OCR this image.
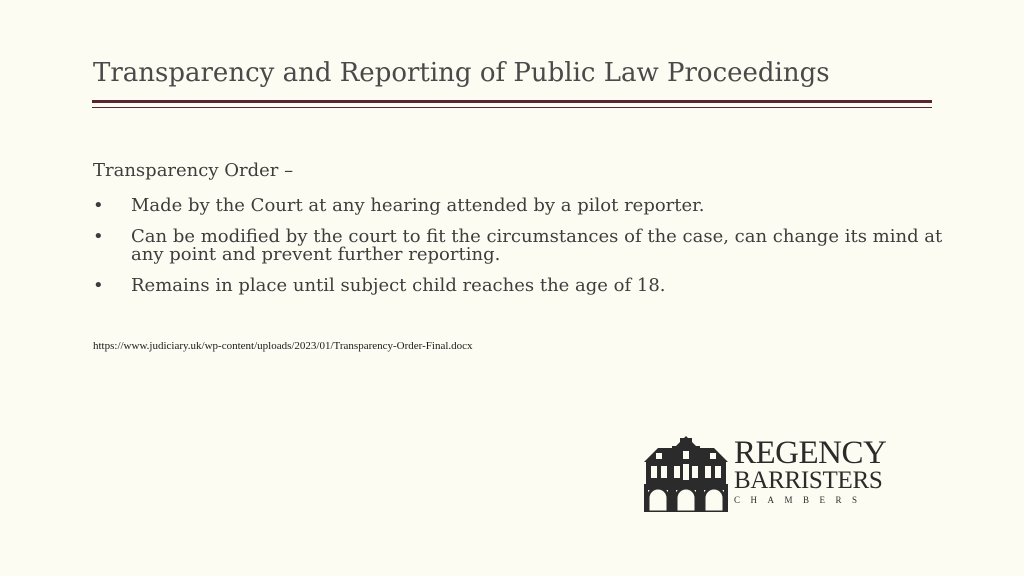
Transparency and Reporting of Public Law Proceedings

Transparency Order –

• Made by the Court at any hearing attended by a pilot reporter.
• Can be modified by the court to fit the circumstances of the case, can change its mind at any point and prevent further reporting.
• Remains in place until subject child reaches the age of 18.
https://www.judiciary.uk/wp-content/uploads/2023/01/Transparency-Order-Final.docx
REGENCY
BARRISTERS
CHAMBERS
